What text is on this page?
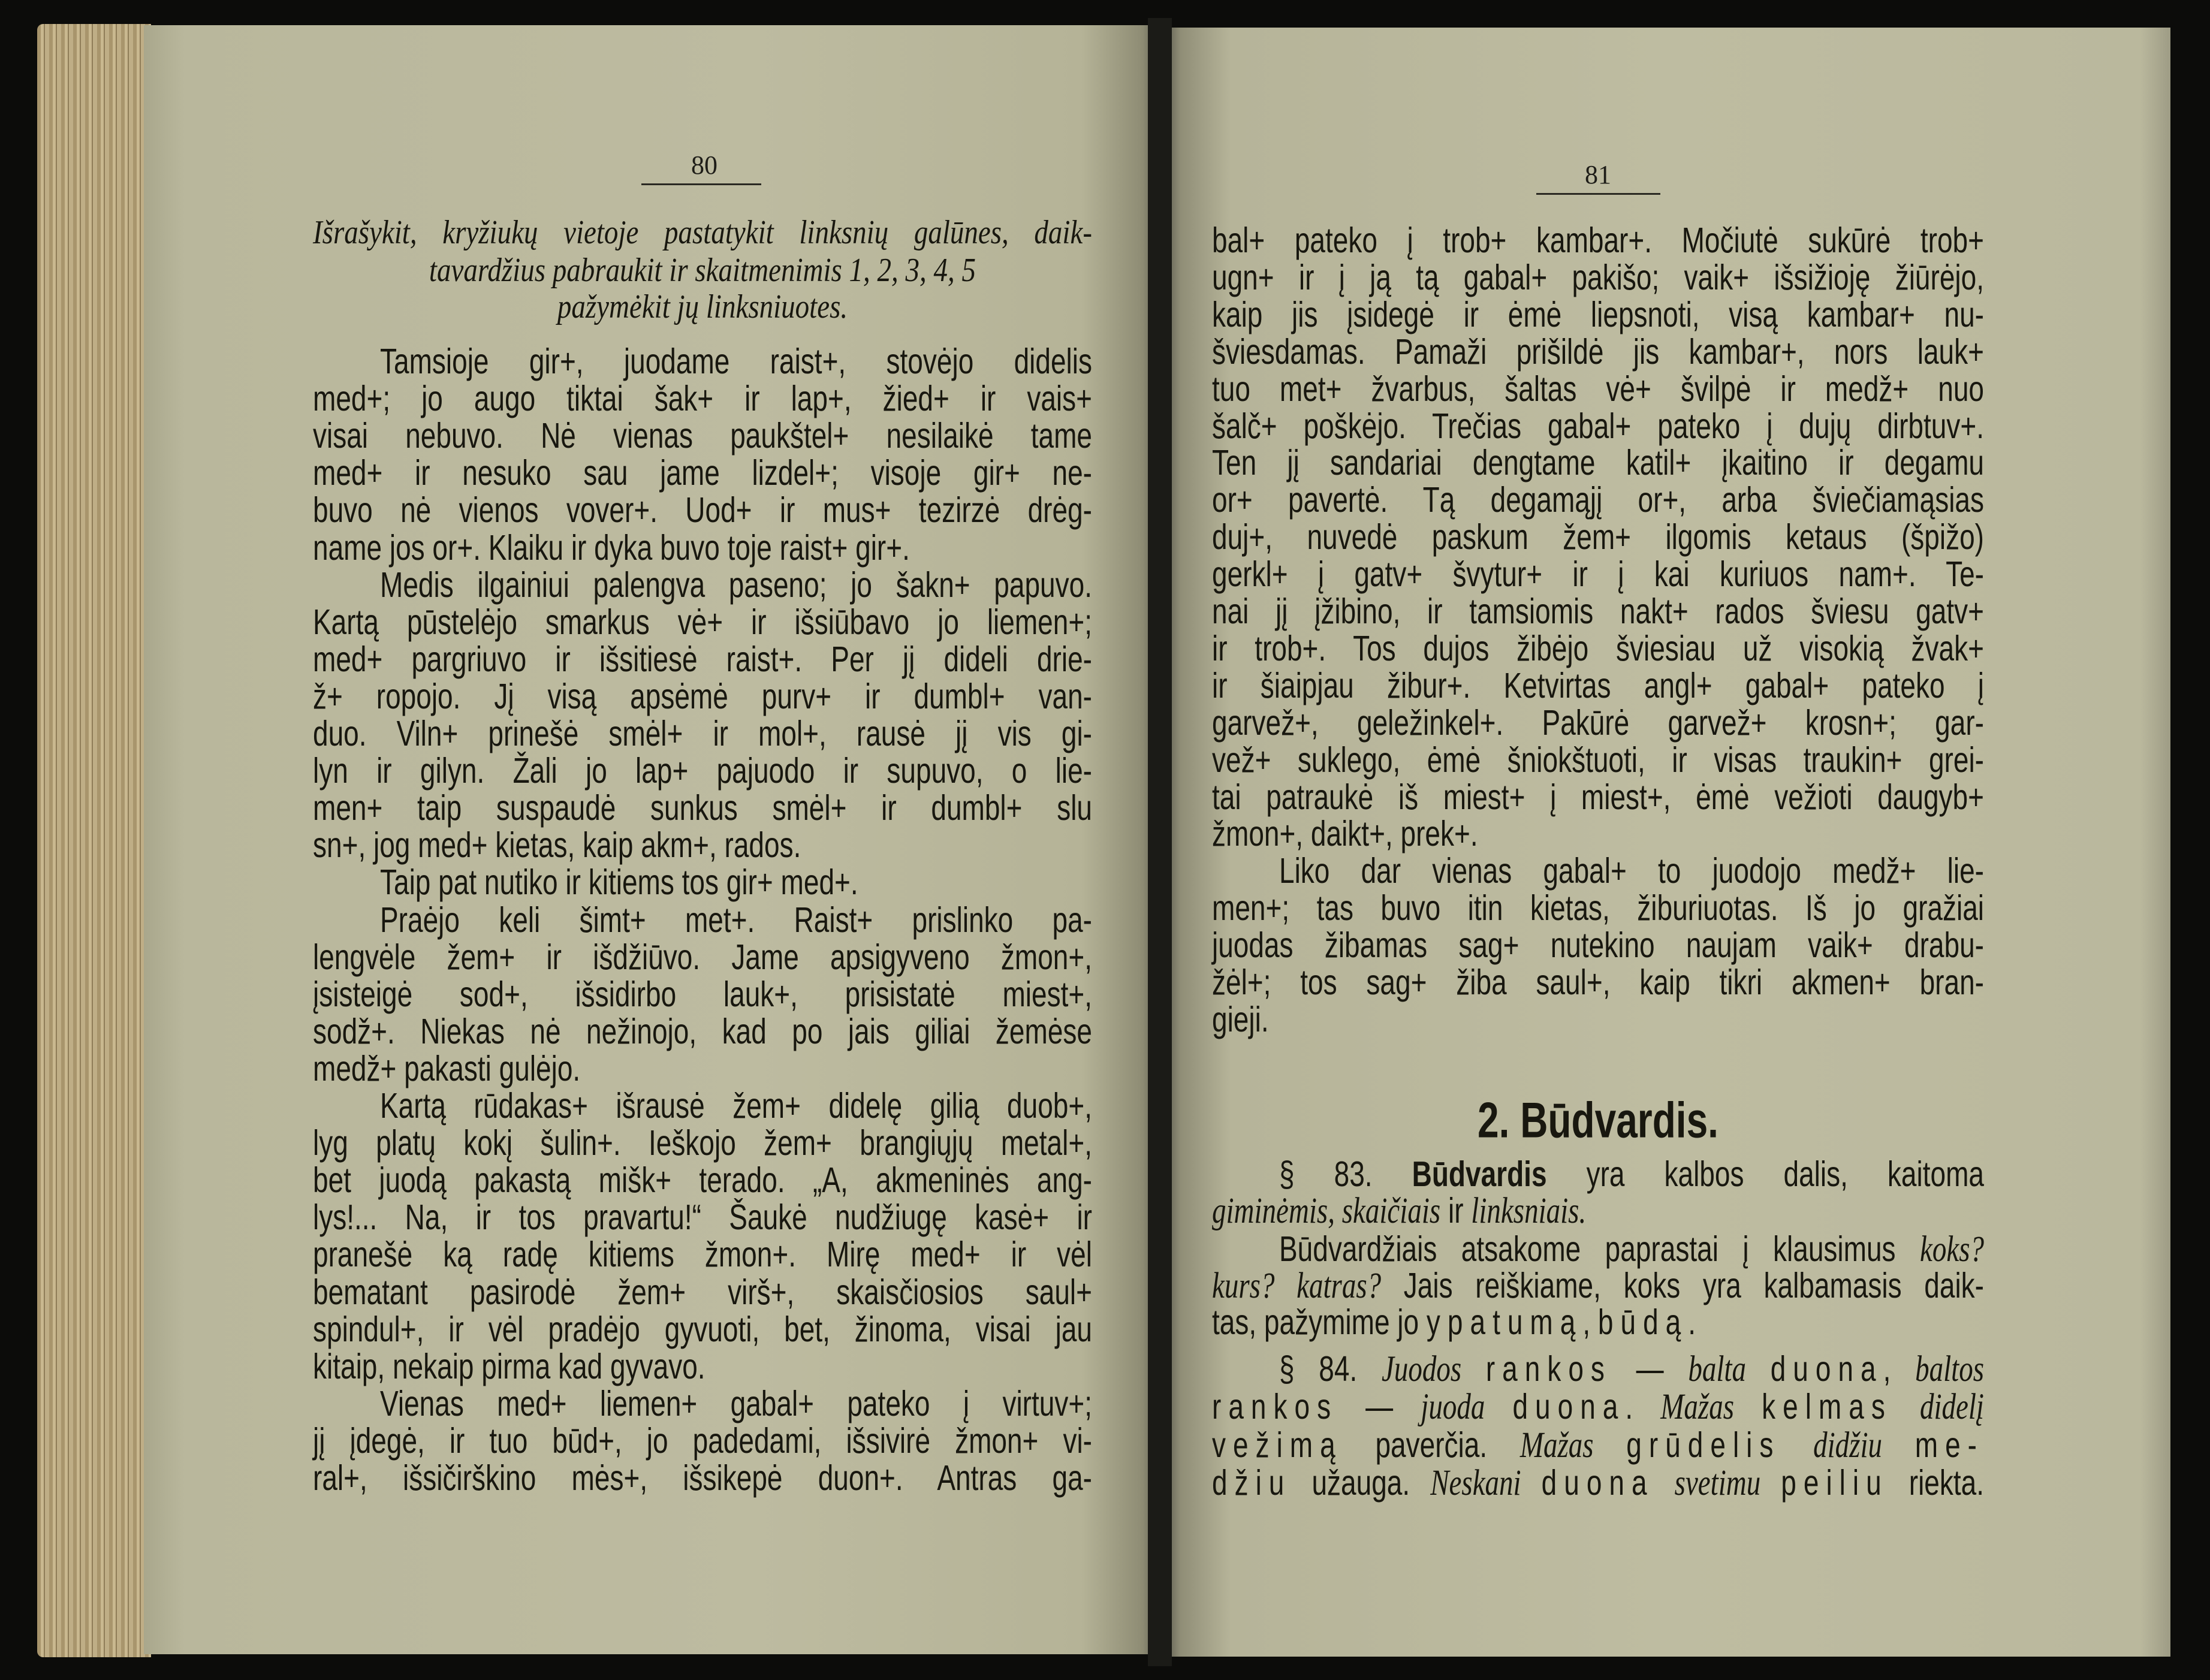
80	81
Išrašykit, kryžiukų vietoje pastatykit linksnių galūnes, daik-
tavardžius pabraukit ir skaitmenimis 1, 2, 3, 4, 5
pažymėkit jų linksniuotes.
Tamsioje gir+, juodame raist+, stovėjo didelis
med+; jo augo tiktai šak+ ir lap+, žied+ ir vais+
visai nebuvo. Nė vienas paukštel+ nesilaikė tame
med+ ir nesuko sau jame lizdel+; visoje gir+ ne-
buvo nė vienos vover+. Uod+ ir mus+ tezirzė drėg-
name jos or+. Klaiku ir dyka buvo toje raist+ gir+.
Medis ilgainiui palengva paseno; jo šakn+ papuvo.
Kartą pūstelėjo smarkus vė+ ir išsiūbavo jo liemen+;
med+ pargriuvo ir išsitiesė raist+. Per jį dideli drie-
ž+ ropojo. Jį visą apsėmė purv+ ir dumbl+ van-
duo. Viln+ prinešė smėl+ ir mol+, rausė jį vis gi-
lyn ir gilyn. Žali jo lap+ pajuodo ir supuvo, o lie-
men+ taip suspaudė sunkus smėl+ ir dumbl+ slu
sn+, jog med+ kietas, kaip akm+, rados.
Taip pat nutiko ir kitiems tos gir+ med+.
Praėjo keli šimt+ met+. Raist+ prislinko pa-
lengvėle žem+ ir išdžiūvo. Jame apsigyveno žmon+,
įsisteigė sod+, išsidirbo lauk+, prisistatė miest+,
sodž+. Niekas nė nežinojo, kad po jais giliai žemėse
medž+ pakasti gulėjo.
Kartą rūdakas+ išrausė žem+ didelę gilią duob+,
lyg platų kokį šulin+. Ieškojo žem+ brangiųjų metal+,
bet juodą pakastą mišk+ terado. „A, akmeninės ang-
lys!... Na, ir tos pravartu!“ Šaukė nudžiugę kasė+ ir
pranešė ką radę kitiems žmon+. Mirę med+ ir vėl
bematant pasirodė žem+ virš+, skaisčiosios saul+
spindul+, ir vėl pradėjo gyvuoti, bet, žinoma, visai jau
kitaip, nekaip pirma kad gyvavo.
Vienas med+ liemen+ gabal+ pateko į virtuv+;
jį įdegė, ir tuo būd+, jo padedami, išsivirė žmon+ vi-
ral+, išsičirškino mės+, išsikepė duon+. Antras ga-
bal+ pateko į trob+ kambar+. Močiutė sukūrė trob+
ugn+ ir į ją tą gabal+ pakišo; vaik+ išsižioję žiūrėjo,
kaip jis įsidegė ir ėmė liepsnoti, visą kambar+ nu-
šviesdamas. Pamaži prišildė jis kambar+, nors lauk+
tuo met+ žvarbus, šaltas vė+ švilpė ir medž+ nuo
šalč+ poškėjo. Trečias gabal+ pateko į dujų dirbtuv+.
Ten jį sandariai dengtame katil+ įkaitino ir degamu
or+ pavertė. Tą degamąjį or+, arba šviečiamąsias
duj+, nuvedė paskum žem+ ilgomis ketaus (špižo)
gerkl+ į gatv+ švytur+ ir į kai kuriuos nam+. Te-
nai jį įžibino, ir tamsiomis nakt+ rados šviesu gatv+
ir trob+. Tos dujos žibėjo šviesiau už visokią žvak+
ir šiaipjau žibur+. Ketvirtas angl+ gabal+ pateko į
garvež+, geležinkel+. Pakūrė garvež+ krosn+; gar-
vež+ suklego, ėmė šniokštuoti, ir visas traukin+ grei-
tai patraukė iš miest+ į miest+, ėmė vežioti daugyb+
žmon+, daikt+, prek+.
Liko dar vienas gabal+ to juodojo medž+ lie-
men+; tas buvo itin kietas, žiburiuotas. Iš jo gražiai
juodas žibamas sag+ nutekino naujam vaik+ drabu-
žėl+; tos sag+ žiba saul+, kaip tikri akmen+ bran-
gieji.
§ 83. Būdvardis yra kalbos dalis, kaitoma
giminėmis, skaičiais ir linksniais.
Būdvardžiais atsakome paprastai į klausimus koks?
kurs? katras? Jais reiškiame, koks yra kalbamasis daik-
tas, pažymime jo ypatumą, būdą.
§ 84. Juodos rankos — balta duona, baltos
rankos — juoda duona. Mažas kelmas didelį
vežimą paverčia. Mažas grūdelis didžiu me-
džiu užauga. Neskani duona svetimu peiliu riekta.
2. Būdvardis.
